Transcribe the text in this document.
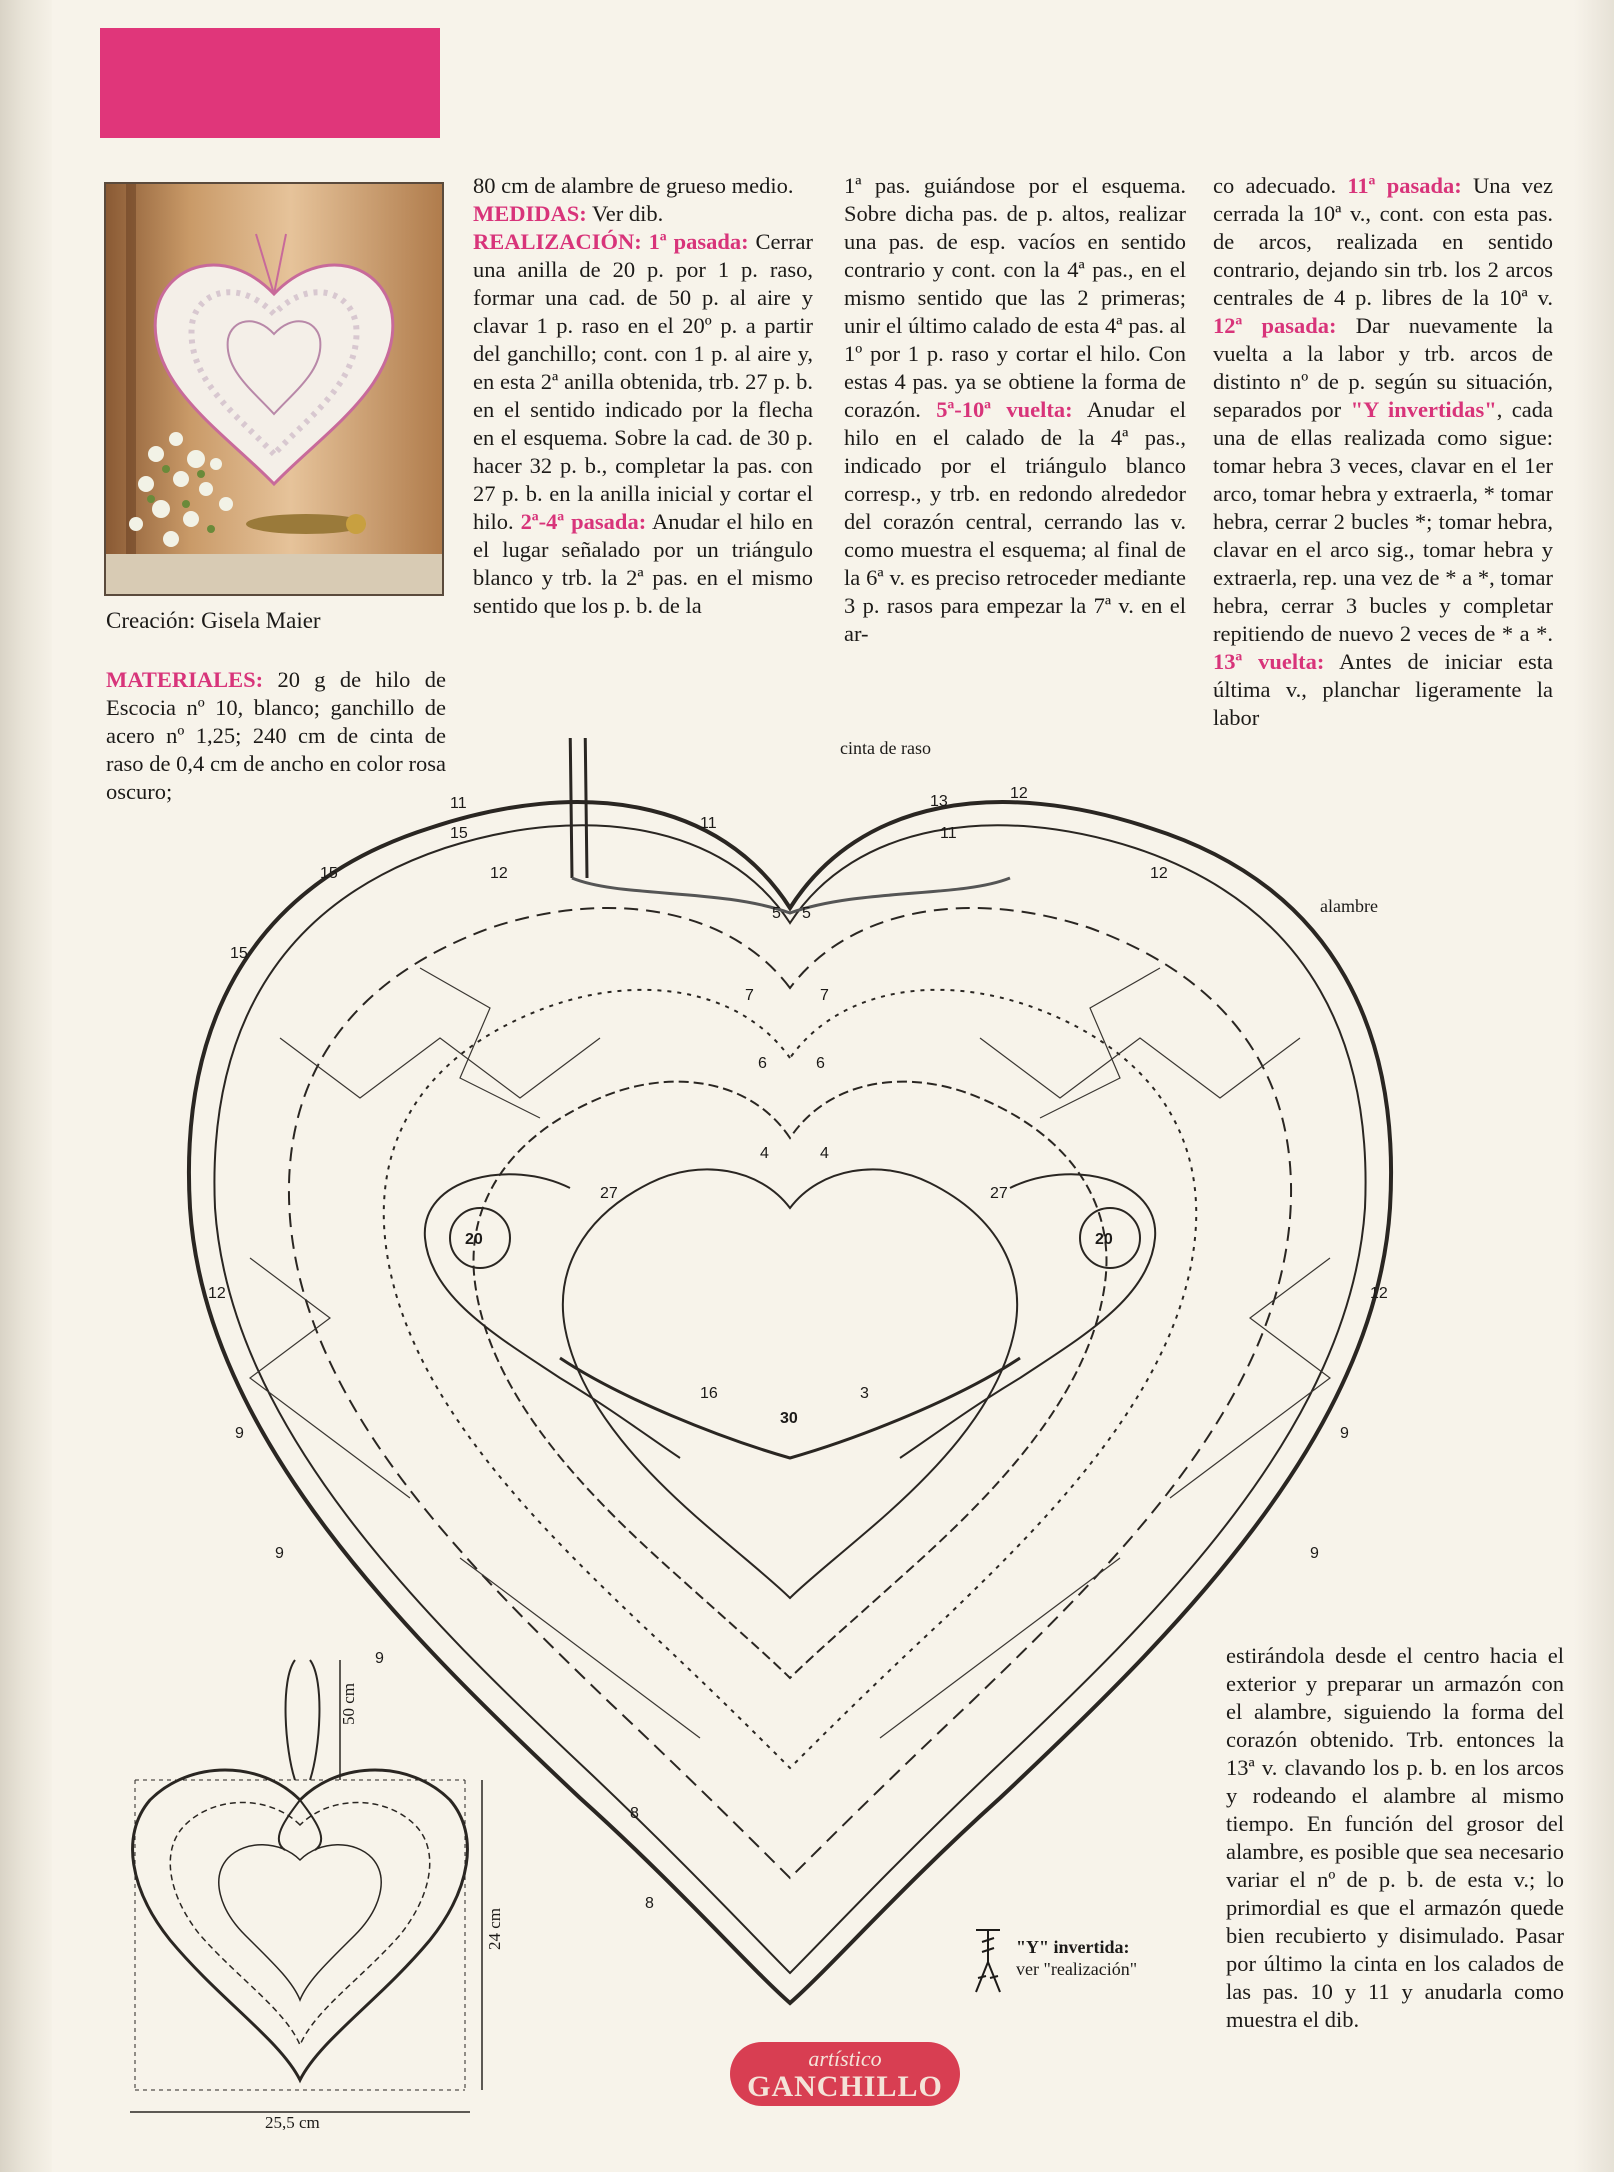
Creación: Gisela Maier

MATERIALES: 20 g de hilo de Escocia nº 10, blanco; ganchillo de acero nº 1,25; 240 cm de cinta de raso de 0,4 cm de ancho en color rosa oscuro;

80 cm de alambre de grueso medio.

MEDIDAS: Ver dib.

REALIZACIÓN: 1ª pasada: Cerrar una anilla de 20 p. por 1 p. raso, formar una cad. de 50 p. al aire y clavar 1 p. raso en el 20º p. a partir del ganchillo; cont. con 1 p. al aire y, en esta 2ª anilla obtenida, trb. 27 p. b. en el sentido indicado por la flecha en el esquema. Sobre la cad. de 30 p. hacer 32 p. b., completar la pas. con 27 p. b. en la anilla inicial y cortar el hilo. 2ª-4ª pasada: Anudar el hilo en el lugar señalado por un triángulo blanco y trb. la 2ª pas. en el mismo sentido que los p. b. de la

1ª pas. guiándose por el esquema. Sobre dicha pas. de p. altos, realizar una pas. de esp. vacíos en sentido contrario y cont. con la 4ª pas., en el mismo sentido que las 2 primeras; unir el último calado de esta 4ª pas. al 1º por 1 p. raso y cortar el hilo. Con estas 4 pas. ya se obtiene la forma de corazón. 5ª-10ª vuelta: Anudar el hilo en el calado de la 4ª pas., indicado por el triángulo blanco corresp., y trb. en redondo alrededor del corazón central, cerrando las v. como muestra el esquema; al final de la 6ª v. es preciso retroceder mediante 3 p. rasos para empezar la 7ª v. en el ar-

co adecuado. 11ª pasada: Una vez cerrada la 10ª v., cont. con esta pas. de arcos, realizada en sentido contrario, dejando sin trb. los 2 arcos centrales de 4 p. libres de la 10ª v. 12ª pasada: Dar nuevamente la vuelta a la labor y trb. arcos de distinto nº de p. según su situación, separados por "Y invertidas", cada una de ellas realizada como sigue: tomar hebra 3 veces, clavar en el 1er arco, tomar hebra y extraerla, * tomar hebra, cerrar 2 bucles *; tomar hebra, clavar en el arco sig., tomar hebra y extraerla, rep. una vez de * a *, tomar hebra, cerrar 3 bucles y completar repitiendo de nuevo 2 veces de * a *. 13ª vuelta: Antes de iniciar esta última v., planchar ligeramente la labor

11
11
11
12
13
15
15
15
12	12
12	12
9
9
9
9
9
8
8
7	7
6	6
5 5
4	4
27	27
20	20
16
30
3
cinta de raso
alambre
"Y" invertida:
ver "realización"
50 cm
24 cm
25,5 cm

estirándola desde el centro hacia el exterior y preparar un armazón con el alambre, siguiendo la forma del corazón obtenido. Trb. entonces la 13ª v. clavando los p. b. en los arcos y rodeando el alambre al mismo tiempo. En función del grosor del alambre, es posible que sea necesario variar el nº de p. b. de esta v.; lo primordial es que el armazón quede bien recubierto y disimulado. Pasar por último la cinta en los calados de las pas. 10 y 11 y anudarla como muestra el dib.

artístico
GANCHILLO
